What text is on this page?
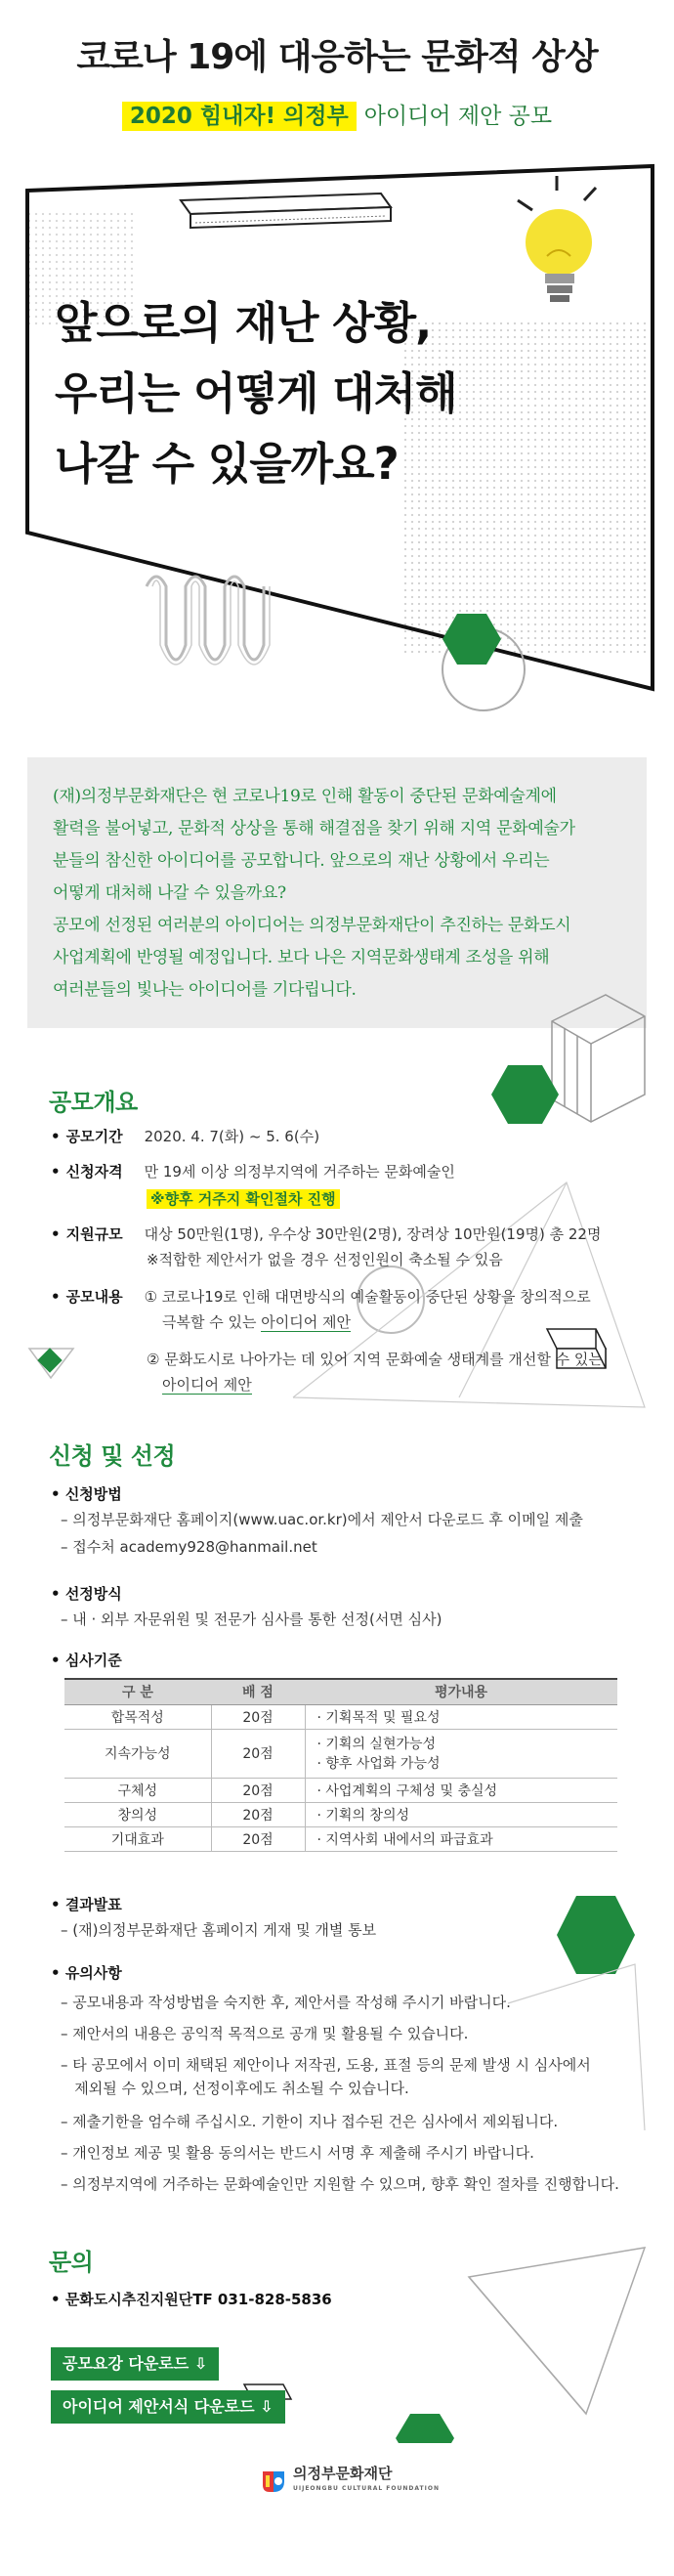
코로나 19에 대응하는 문화적 상상
2020 힘내자! 의정부 아이디어 제안 공모
앞으로의 재난 상황,
우리는 어떻게 대처해
나갈 수 있을까요?
(재)의정부문화재단은 현 코로나19로 인해 활동이 중단된 문화예술계에
활력을 불어넣고, 문화적 상상을 통해 해결점을 찾기 위해 지역 문화예술가
분들의 참신한 아이디어를 공모합니다. 앞으로의 재난 상황에서 우리는
어떻게 대처해 나갈 수 있을까요?
공모에 선정된 여러분의 아이디어는 의정부문화재단이 추진하는 문화도시
사업계획에 반영될 예정입니다. 보다 나은 지역문화생태계 조성을 위해
여러분들의 빛나는 아이디어를 기다립니다.
공모개요
• 공모기간 2020. 4. 7(화) ~ 5. 6(수)
• 신청자격 만 19세 이상 의정부지역에 거주하는 문화예술인
※향후 거주지 확인절차 진행
• 지원규모 대상 50만원(1명), 우수상 30만원(2명), 장려상 10만원(19명) 총 22명
※적합한 제안서가 없을 경우 선정인원이 축소될 수 있음
• 공모내용 ① 코로나19로 인해 대면방식의 예술활동이 중단된 상황을 창의적으로
극복할 수 있는 아이디어 제안
② 문화도시로 나아가는 데 있어 지역 문화예술 생태계를 개선할 수 있는
아이디어 제안
신청 및 선정
• 신청방법
– 의정부문화재단 홈페이지(www.uac.or.kr)에서 제안서 다운로드 후 이메일 제출
– 접수처 academy928@hanmail.net
• 선정방식
– 내 · 외부 자문위원 및 전문가 심사를 통한 선정(서면 심사)
• 심사기준
구 분	배 점	평가내용
합목적성	20점	· 기획목적 및 필요성
지속가능성	20점	· 기획의 실현가능성
· 향후 사업화 가능성

구체성	20점	· 사업계획의 구체성 및 충실성
창의성	20점	· 기획의 창의성
기대효과	20점	· 지역사회 내에서의 파급효과
• 결과발표
– (재)의정부문화재단 홈페이지 게재 및 개별 통보
• 유의사항
– 공모내용과 작성방법을 숙지한 후, 제안서를 작성해 주시기 바랍니다.
– 제안서의 내용은 공익적 목적으로 공개 및 활용될 수 있습니다.
– 타 공모에서 이미 채택된 제안이나 저작권, 도용, 표절 등의 문제 발생 시 심사에서
제외될 수 있으며, 선정이후에도 취소될 수 있습니다.
– 제출기한을 엄수해 주십시오. 기한이 지나 접수된 건은 심사에서 제외됩니다.
– 개인정보 제공 및 활용 동의서는 반드시 서명 후 제출해 주시기 바랍니다.
– 의정부지역에 거주하는 문화예술인만 지원할 수 있으며, 향후 확인 절차를 진행합니다.
문의
• 문화도시추진지원단TF 031-828-5836
공모요강 다운로드 ⇩
아이디어 제안서식 다운로드 ⇩
의정부문화재단
UIJEONGBU CULTURAL FOUNDATION
